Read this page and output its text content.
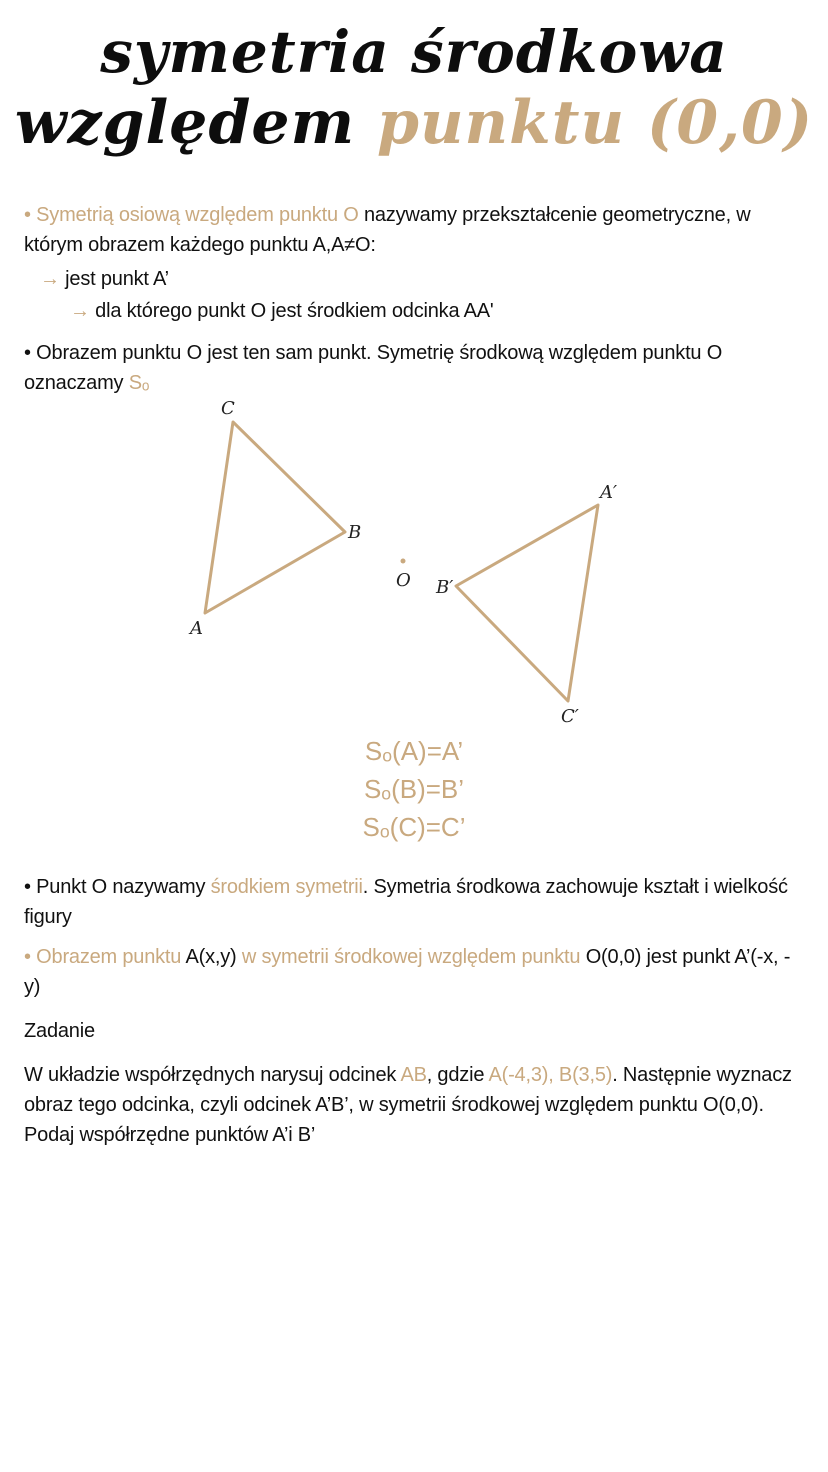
symetria środkowa
względem punktu (0,0)
• Symetrią osiową względem punktu O nazywamy przekształcenie geometryczne, w którym obrazem każdego punktu A,A≠O:
→ jest punkt A’
→ dla którego punkt O jest środkiem odcinka AA'
• Obrazem punktu O jest ten sam punkt. Symetrię środkową względem punktu O oznaczamy Sₒ
C
B
A
O
A′
B′
C′
Sₒ(A)=A’
Sₒ(B)=B’
Sₒ(C)=C’
• Punkt O nazywamy środkiem symetrii. Symetria środkowa zachowuje kształt i wielkość figury
• Obrazem punktu A(x,y) w symetrii środkowej względem punktu O(0,0) jest punkt A’(-x, -y)
Zadanie
W układzie współrzędnych narysuj odcinek AB, gdzie A(-4,3), B(3,5). Następnie wyznacz obraz tego odcinka, czyli odcinek A’B’, w symetrii środkowej względem punktu O(0,0). Podaj współrzędne punktów A’i B’
